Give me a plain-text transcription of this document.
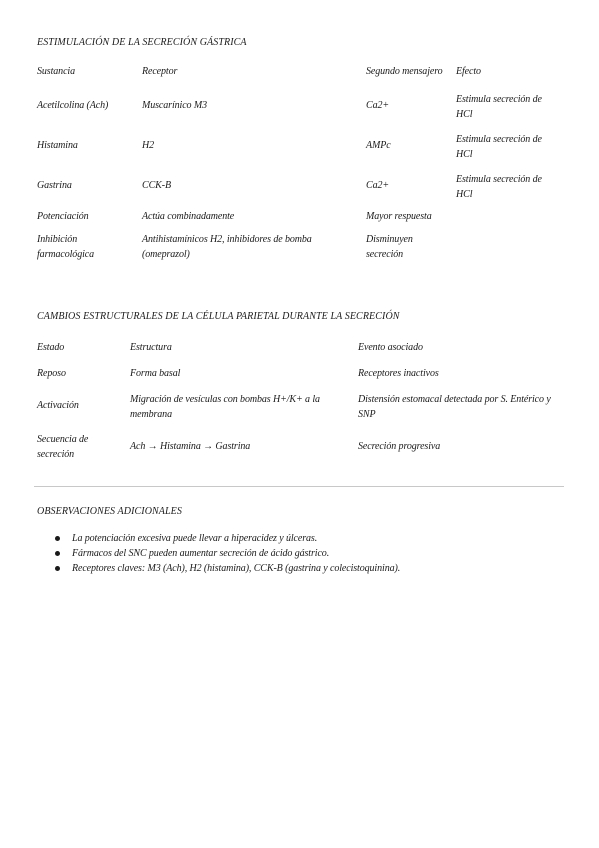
ESTIMULACIÓN DE LA SECRECIÓN GÁSTRICA
Sustancia	Receptor	Segundo mensajero	Efecto
Acetilcolina (Ach)	Muscarínico M3	Ca2+	Estimula secreción de HCl
Histamina	H2	AMPc	Estimula secreción de HCl
Gastrina	CCK-B	Ca2+	Estimula secreción de HCl
Potenciación	Actúa combinadamente	Mayor respuesta	
Inhibición farmacológica	Antihistamínicos H2, inhibidores de bomba (omeprazol)	Disminuyen secreción	
CAMBIOS ESTRUCTURALES DE LA CÉLULA PARIETAL DURANTE LA SECRECIÓN
Estado	Estructura	Evento asociado
Reposo	Forma basal	Receptores inactivos
Activación	Migración de vesículas con bombas H+/K+ a la membrana	Distensión estomacal detectada por S. Entérico y SNP
Secuencia de secreción	Ach → Histamina → Gastrina	Secreción progresiva
OBSERVACIONES ADICIONALES
La potenciación excesiva puede llevar a hiperacidez y úlceras.
Fármacos del SNC pueden aumentar secreción de ácido gástrico.
Receptores claves: M3 (Ach), H2 (histamina), CCK-B (gastrina y colecistoquinina).
